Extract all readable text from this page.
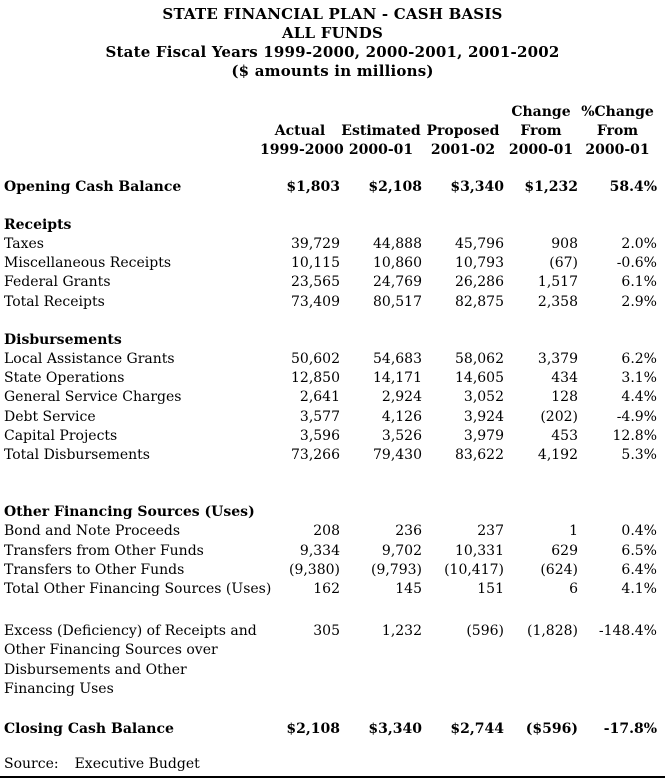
STATE FINANCIAL PLAN - CASH BASIS
ALL FUNDS
State Fiscal Years 1999-2000, 2000-2001, 2001-2002
($ amounts in millions)
				Change	%Change
	Actual	Estimated	Proposed	From	From
	1999-2000	2000-01	2001-02	2000-01	2000-01

Opening Cash Balance	$1,803	$2,108	$3,340	$1,232	58.4%

Receipts					
Taxes	39,729	44,888	45,796	908	2.0%
Miscellaneous Receipts	10,115	10,860	10,793	(67)	-0.6%
Federal Grants	23,565	24,769	26,286	1,517	6.1%
Total Receipts	73,409	80,517	82,875	2,358	2.9%

Disbursements					
Local Assistance Grants	50,602	54,683	58,062	3,379	6.2%
State Operations	12,850	14,171	14,605	434	3.1%
General Service Charges	2,641	2,924	3,052	128	4.4%
Debt Service	3,577	4,126	3,924	(202)	-4.9%
Capital Projects	3,596	3,526	3,979	453	12.8%
Total Disbursements	73,266	79,430	83,622	4,192	5.3%

Other Financing Sources (Uses)					
Bond and Note Proceeds	208	236	237	1	0.4%
Transfers from Other Funds	9,334	9,702	10,331	629	6.5%
Transfers to Other Funds	(9,380)	(9,793)	(10,417)	(624)	6.4%
Total Other Financing Sources (Uses)	162	145	151	6	4.1%

Excess (Deficiency) of Receipts and
Other Financing Sources over
Disbursements and Other
Financing Uses	305	1,232	(596)	(1,828)	-148.4%

Closing Cash Balance	$2,108	$3,340	$2,744	($596)	-17.8%
Source: Executive Budget
